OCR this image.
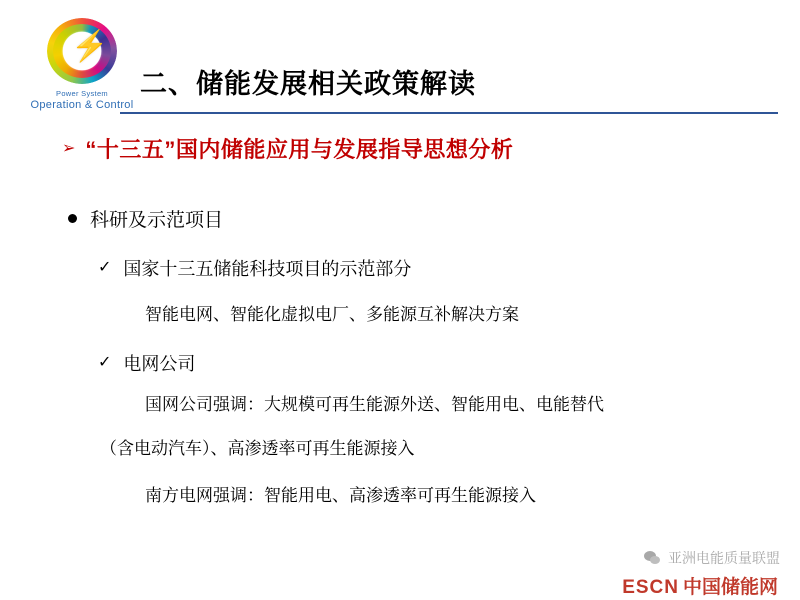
⚡
Power System
Operation & Control
二、储能发展相关政策解读
➢ “十三五”国内储能应用与发展指导思想分析
科研及示范项目
✓ 国家十三五储能科技项目的示范部分
智能电网、智能化虚拟电厂、多能源互补解决方案
✓ 电网公司
国网公司强调：大规模可再生能源外送、智能用电、电能替代
（含电动汽车）、高渗透率可再生能源接入
南方电网强调：智能用电、高渗透率可再生能源接入
亚洲电能质量联盟
ESCN 中国储能网
